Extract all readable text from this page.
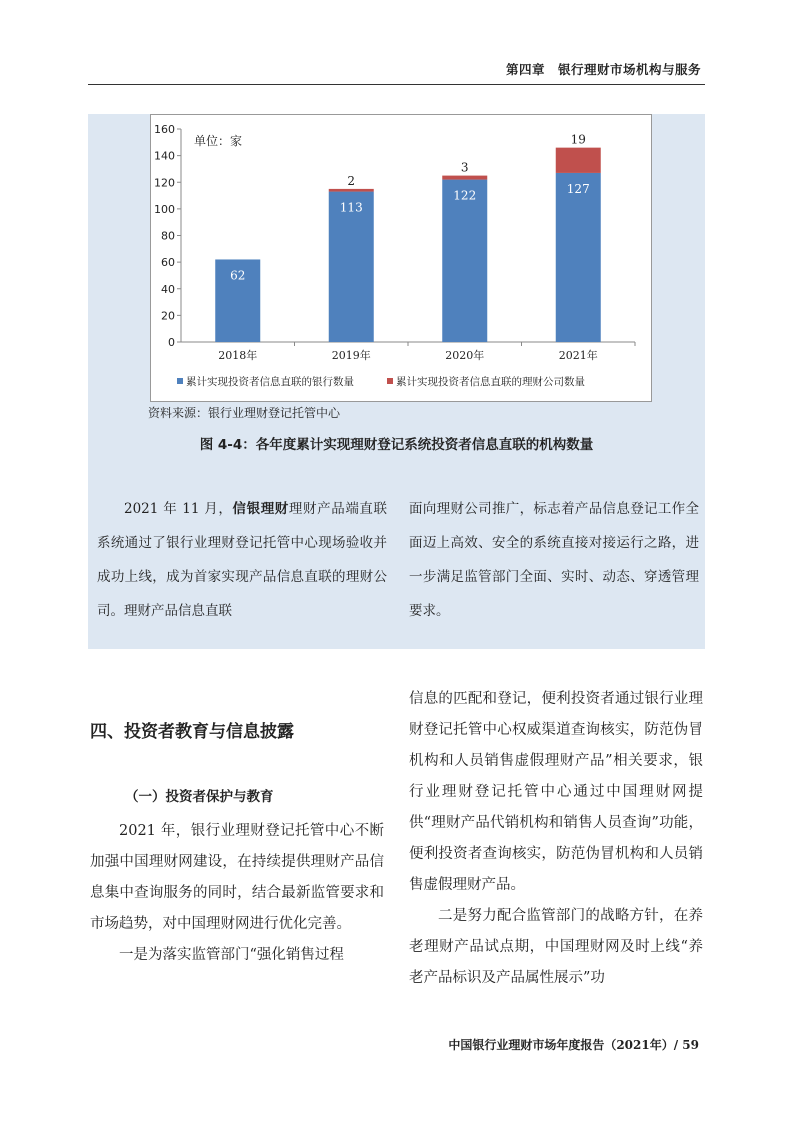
第四章　银行理财市场机构与服务
0
20
40
60
80
100
120
140
160
单位：家
62
2018年
113
2
2019年
122
3
2020年
127
19
2021年
累计实现投资者信息直联的银行数量	累计实现投资者信息直联的理财公司数量
资料来源：银行业理财登记托管中心
图 4-4：各年度累计实现理财登记系统投资者信息直联的机构数量

2021 年 11 月，信银理财理财产品端直联系统通过了银行业理财登记托管中心现场验收并成功上线，成为首家实现产品信息直联的理财公司。理财产品信息直联

面向理财公司推广，标志着产品信息登记工作全面迈上高效、安全的系统直接对接运行之路，进一步满足监管部门全面、实时、动态、穿透管理要求。

四、投资者教育与信息披露
（一）投资者保护与教育

2021 年，银行业理财登记托管中心不断加强中国理财网建设，在持续提供理财产品信息集中查询服务的同时，结合最新监管要求和市场趋势，对中国理财网进行优化完善。

一是为落实监管部门“强化销售过程

信息的匹配和登记，便利投资者通过银行业理财登记托管中心权威渠道查询核实，防范伪冒机构和人员销售虚假理财产品”相关要求，银行业理财登记托管中心通过中国理财网提供“理财产品代销机构和销售人员查询”功能，便利投资者查询核实，防范伪冒机构和人员销售虚假理财产品。

二是努力配合监管部门的战略方针，在养老理财产品试点期，中国理财网及时上线“养老产品标识及产品属性展示”功

中国银行业理财市场年度报告（2021年）/ 59
